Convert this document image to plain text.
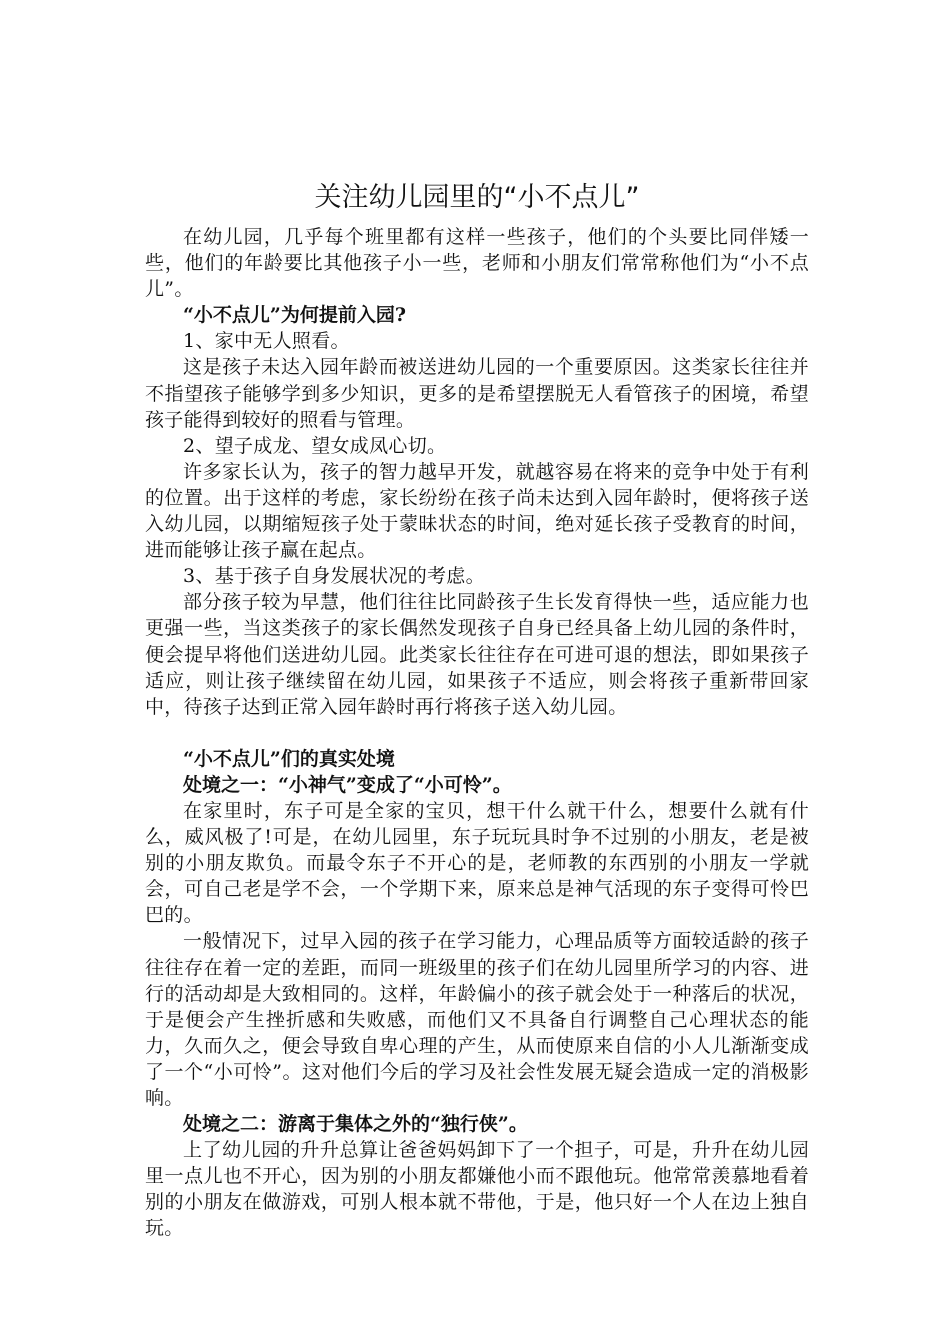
关注幼儿园里的“小不点儿”

在幼儿园，几乎每个班里都有这样一些孩子，他们的个头要比同伴矮一些，他们的年龄要比其他孩子小一些，老师和小朋友们常常称他们为“小不点儿”。

“小不点儿”为何提前入园?

1、家中无人照看。

这是孩子未达入园年龄而被送进幼儿园的一个重要原因。这类家长往往并不指望孩子能够学到多少知识，更多的是希望摆脱无人看管孩子的困境，希望孩子能得到较好的照看与管理。

2、望子成龙、望女成凤心切。

许多家长认为，孩子的智力越早开发，就越容易在将来的竞争中处于有利的位置。出于这样的考虑，家长纷纷在孩子尚未达到入园年龄时，便将孩子送入幼儿园，以期缩短孩子处于蒙昧状态的时间，绝对延长孩子受教育的时间，进而能够让孩子赢在起点。

3、基于孩子自身发展状况的考虑。

部分孩子较为早慧，他们往往比同龄孩子生长发育得快一些，适应能力也更强一些，当这类孩子的家长偶然发现孩子自身已经具备上幼儿园的条件时，便会提早将他们送进幼儿园。此类家长往往存在可进可退的想法，即如果孩子适应，则让孩子继续留在幼儿园，如果孩子不适应，则会将孩子重新带回家中，待孩子达到正常入园年龄时再行将孩子送入幼儿园。

“小不点儿”们的真实处境

处境之一：“小神气”变成了“小可怜”。

在家里时，东子可是全家的宝贝，想干什么就干什么，想要什么就有什么，威风极了!可是，在幼儿园里，东子玩玩具时争不过别的小朋友，老是被别的小朋友欺负。而最令东子不开心的是，老师教的东西别的小朋友一学就会，可自己老是学不会，一个学期下来，原来总是神气活现的东子变得可怜巴巴的。

一般情况下，过早入园的孩子在学习能力，心理品质等方面较适龄的孩子往往存在着一定的差距，而同一班级里的孩子们在幼儿园里所学习的内容、进行的活动却是大致相同的。这样，年龄偏小的孩子就会处于一种落后的状况，于是便会产生挫折感和失败感，而他们又不具备自行调整自己心理状态的能力，久而久之，便会导致自卑心理的产生，从而使原来自信的小人儿渐渐变成了一个“小可怜”。这对他们今后的学习及社会性发展无疑会造成一定的消极影响。

处境之二：游离于集体之外的“独行侠”。

上了幼儿园的升升总算让爸爸妈妈卸下了一个担子，可是，升升在幼儿园里一点儿也不开心，因为别的小朋友都嫌他小而不跟他玩。他常常羡慕地看着别的小朋友在做游戏，可别人根本就不带他，于是，他只好一个人在边上独自玩。
